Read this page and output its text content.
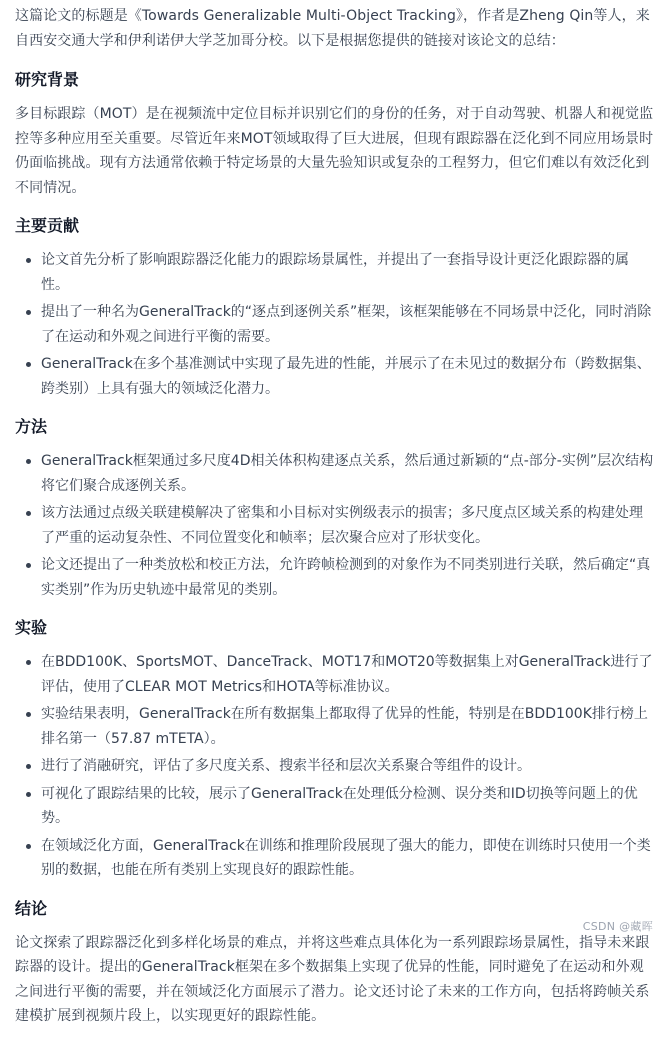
这篇论文的标题是《Towards Generalizable Multi-Object Tracking》，作者是Zheng Qin等人，来自西安交通大学和伊利诺伊大学芝加哥分校。以下是根据您提供的链接对该论文的总结：

研究背景

多目标跟踪（MOT）是在视频流中定位目标并识别它们的身份的任务，对于自动驾驶、机器人和视觉监控等多种应用至关重要。尽管近年来MOT领域取得了巨大进展，但现有跟踪器在泛化到不同应用场景时仍面临挑战。现有方法通常依赖于特定场景的大量先验知识或复杂的工程努力，但它们难以有效泛化到不同情况。

主要贡献
论文首先分析了影响跟踪器泛化能力的跟踪场景属性，并提出了一套指导设计更泛化跟踪器的属性。
提出了一种名为GeneralTrack的“逐点到逐例关系”框架，该框架能够在不同场景中泛化，同时消除了在运动和外观之间进行平衡的需要。
GeneralTrack在多个基准测试中实现了最先进的性能，并展示了在未见过的数据分布（跨数据集、跨类别）上具有强大的领域泛化潜力。
方法
GeneralTrack框架通过多尺度4D相关体积构建逐点关系，然后通过新颖的“点-部分-实例”层次结构将它们聚合成逐例关系。
该方法通过点级关联建模解决了密集和小目标对实例级表示的损害；多尺度点区域关系的构建处理了严重的运动复杂性、不同位置变化和帧率；层次聚合应对了形状变化。
论文还提出了一种类放松和校正方法，允许跨帧检测到的对象作为不同类别进行关联，然后确定“真实类别”作为历史轨迹中最常见的类别。
实验
在BDD100K、SportsMOT、DanceTrack、MOT17和MOT20等数据集上对GeneralTrack进行了评估，使用了CLEAR MOT Metrics和HOTA等标准协议。
实验结果表明，GeneralTrack在所有数据集上都取得了优异的性能，特别是在BDD100K排行榜上排名第一（57.87 mTETA）。
进行了消融研究，评估了多尺度关系、搜索半径和层次关系聚合等组件的设计。
可视化了跟踪结果的比较，展示了GeneralTrack在处理低分检测、误分类和ID切换等问题上的优势。
在领域泛化方面，GeneralTrack在训练和推理阶段展现了强大的能力，即使在训练时只使用一个类别的数据，也能在所有类别上实现良好的跟踪性能。
结论

论文探索了跟踪器泛化到多样化场景的难点，并将这些难点具体化为一系列跟踪场景属性，指导未来跟踪器的设计。提出的GeneralTrack框架在多个数据集上实现了优异的性能，同时避免了在运动和外观之间进行平衡的需要，并在领域泛化方面展示了潜力。论文还讨论了未来的工作方向，包括将跨帧关系建模扩展到视频片段上，以实现更好的跟踪性能。

CSDN @藏晖
